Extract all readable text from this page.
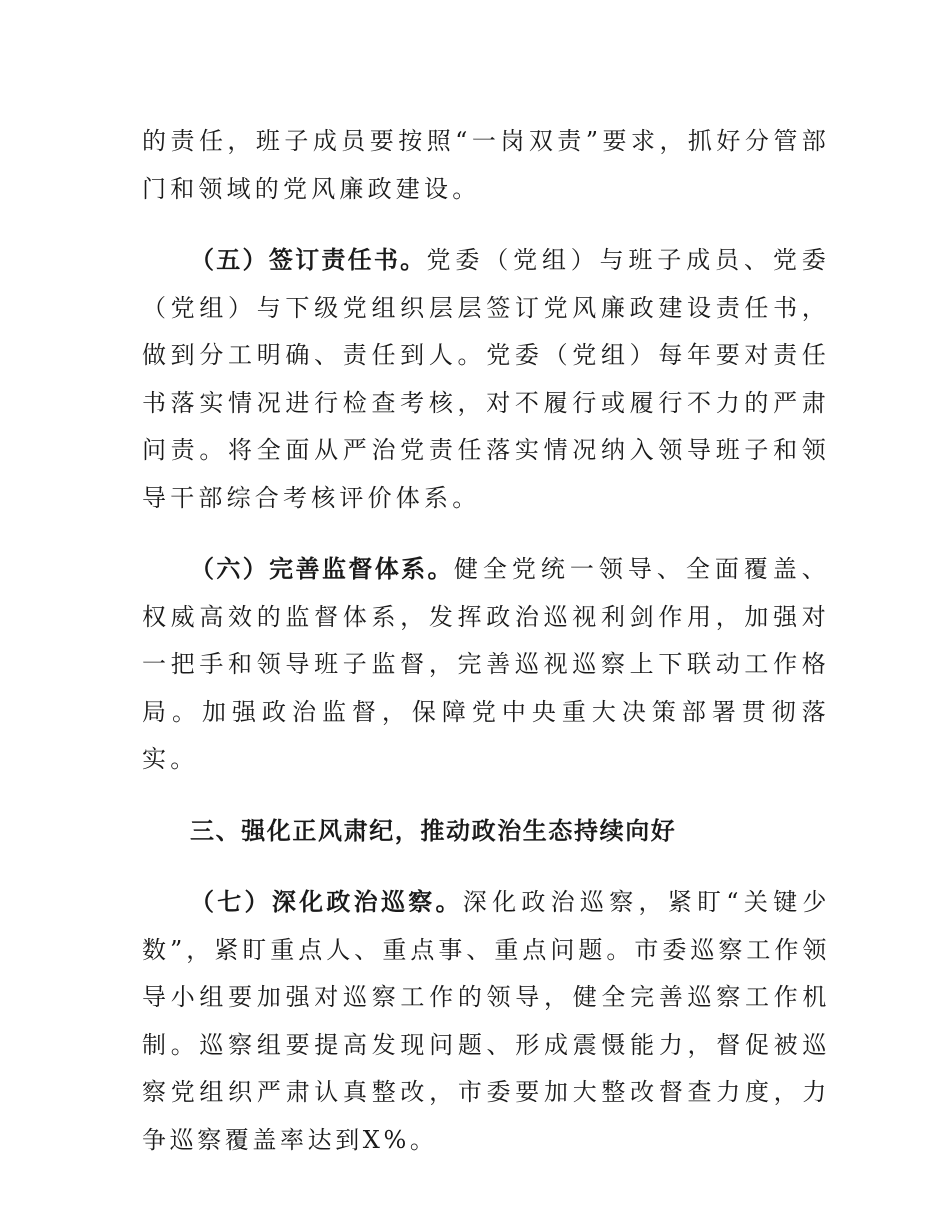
的责任，班子成员要按照“一岗双责”要求，抓好分管部门和领域的党风廉政建设。

（五）签订责任书。党委（党组）与班子成员、党委（党组）与下级党组织层层签订党风廉政建设责任书，做到分工明确、责任到人。党委（党组）每年要对责任书落实情况进行检查考核，对不履行或履行不力的严肃问责。将全面从严治党责任落实情况纳入领导班子和领导干部综合考核评价体系。

（六）完善监督体系。健全党统一领导、全面覆盖、权威高效的监督体系，发挥政治巡视利剑作用，加强对一把手和领导班子监督，完善巡视巡察上下联动工作格局。加强政治监督，保障党中央重大决策部署贯彻落实。

三、强化正风肃纪，推动政治生态持续向好

（七）深化政治巡察。深化政治巡察，紧盯“关键少数”，紧盯重点人、重点事、重点问题。市委巡察工作领导小组要加强对巡察工作的领导，健全完善巡察工作机制。巡察组要提高发现问题、形成震慑能力，督促被巡察党组织严肃认真整改，市委要加大整改督查力度，力争巡察覆盖率达到X%。
